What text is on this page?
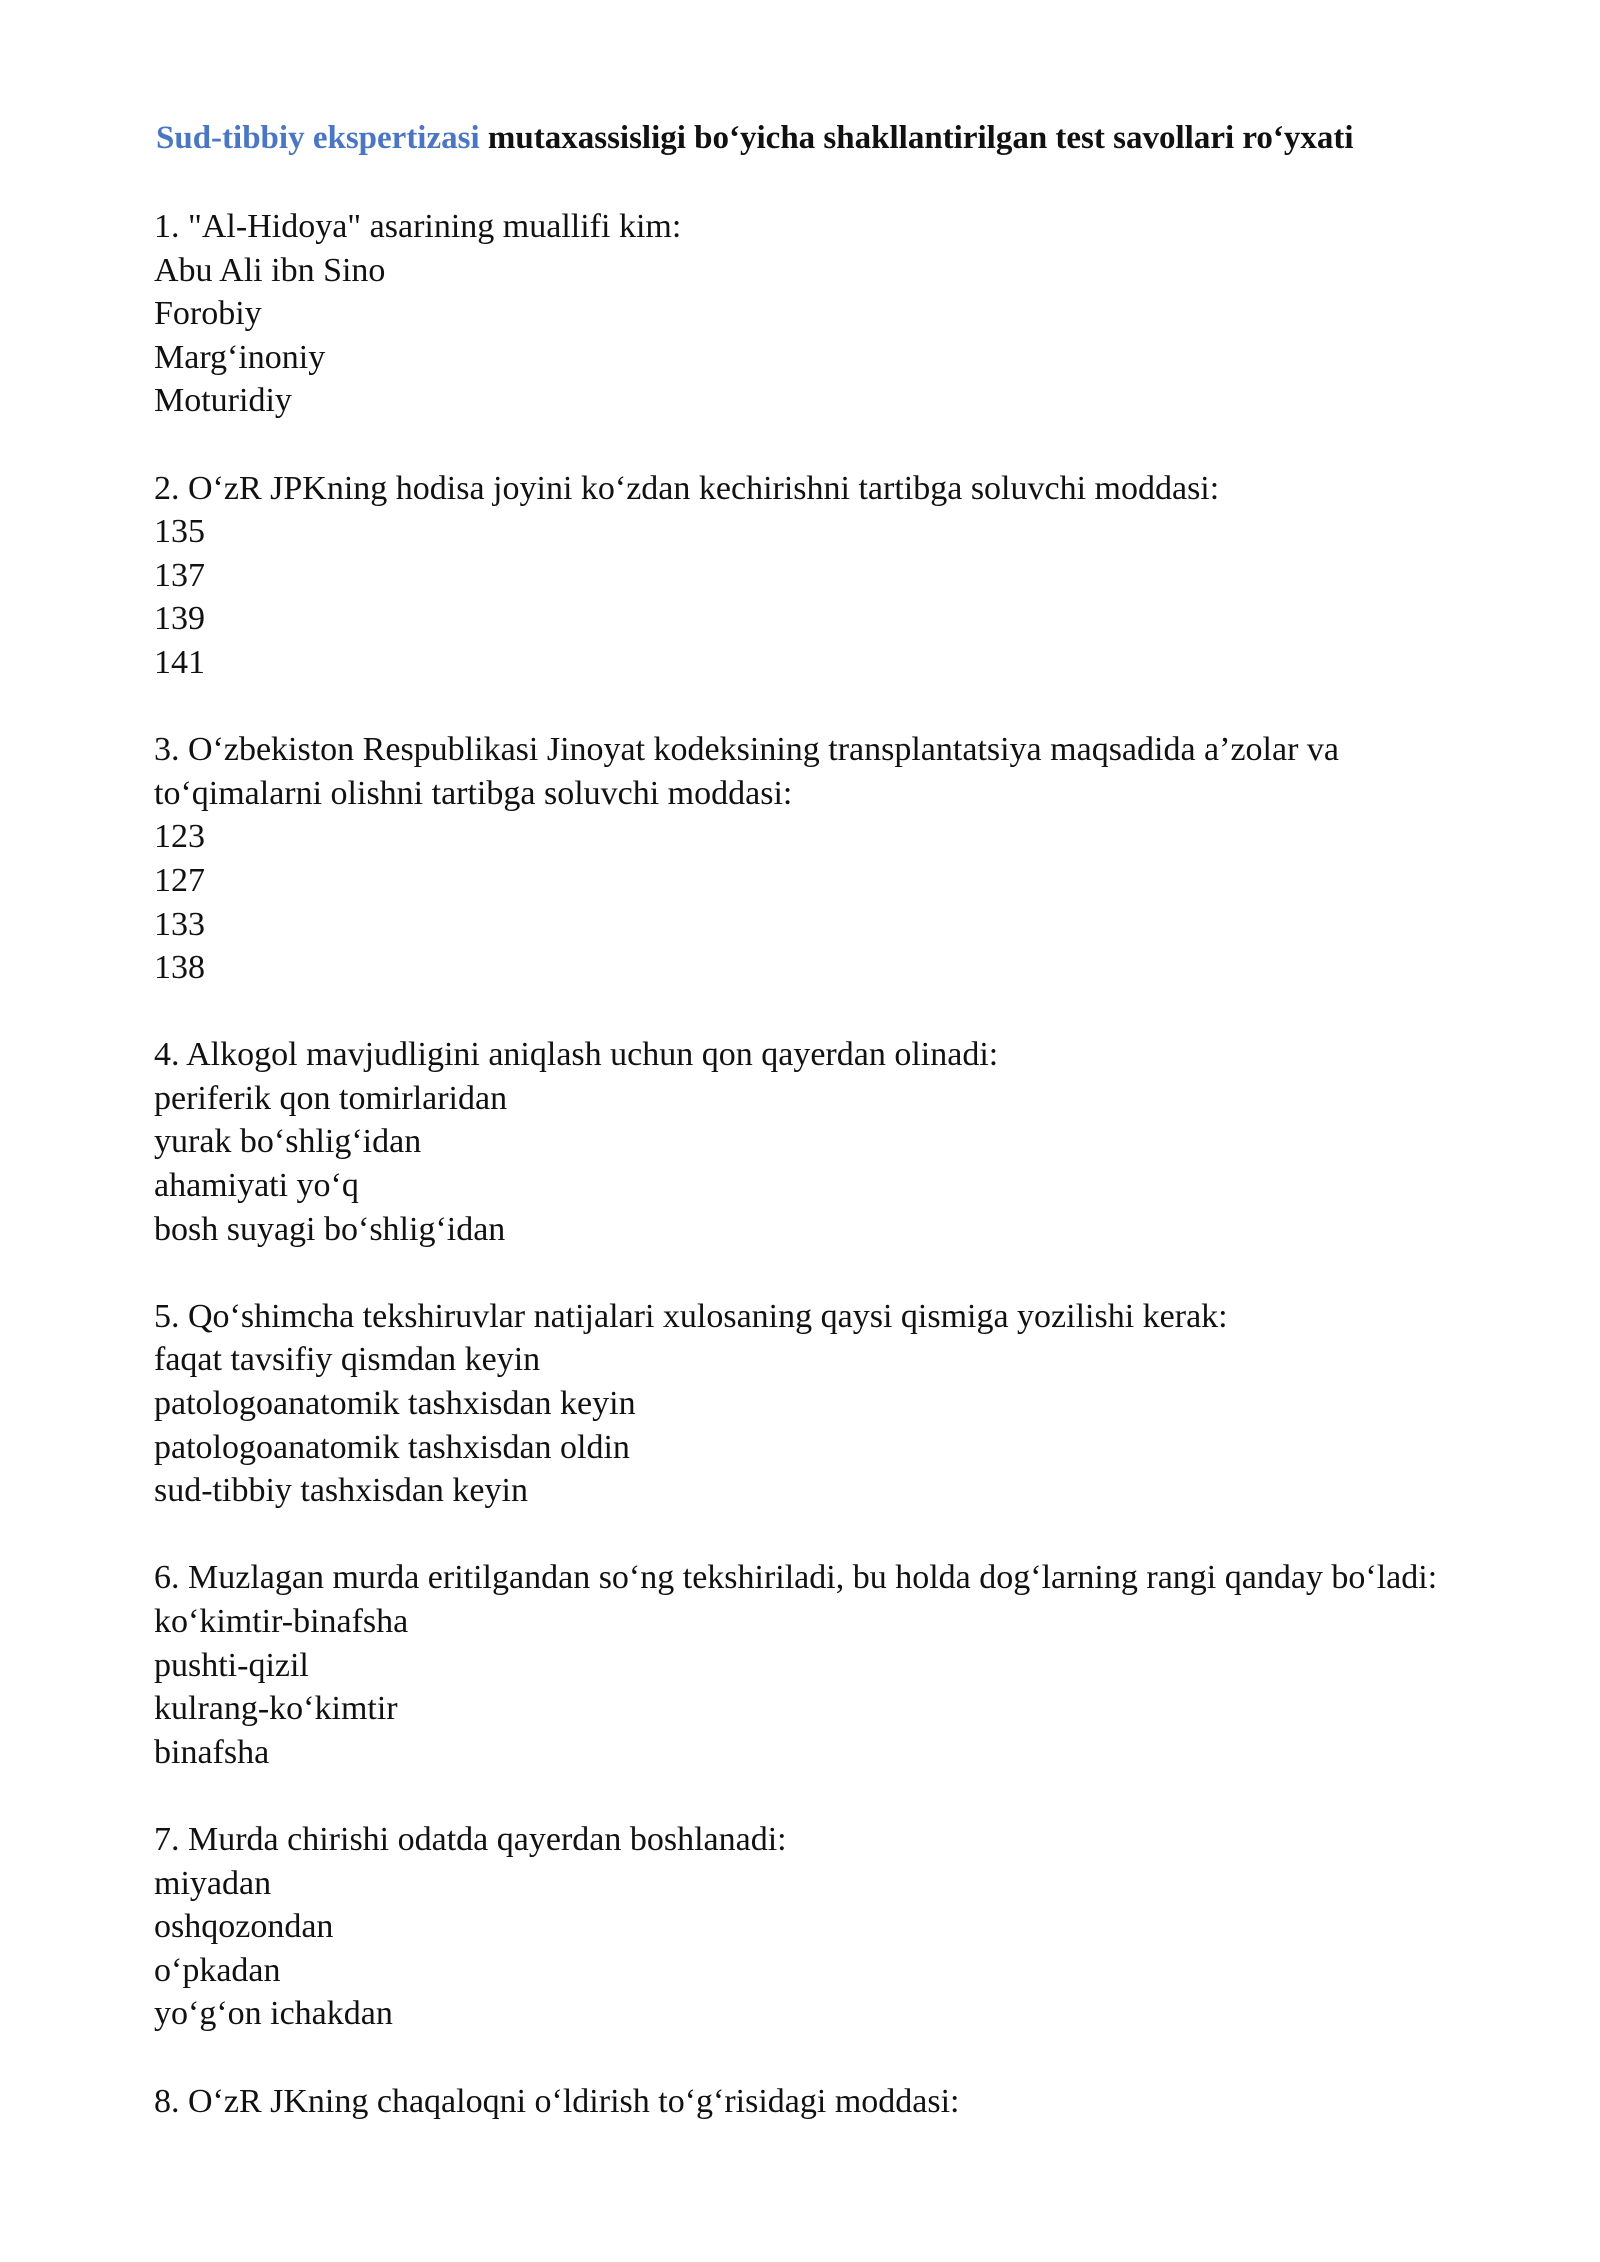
Sud-tibbiy ekspertizasi mutaxassisligi bo‘yicha shakllantirilgan test savollari ro‘yxati
1. "Al-Hidoya" asarining muallifi kim:
Abu Ali ibn Sino
Forobiy
Marg‘inoniy
Moturidiy
2. O‘zR JPKning hodisa joyini ko‘zdan kechirishni tartibga soluvchi moddasi:
135
137
139
141
3. O‘zbekiston Respublikasi Jinoyat kodeksining transplantatsiya maqsadida a’zolar va to‘qimalarni olishni tartibga soluvchi moddasi:
123
127
133
138
4. Alkogol mavjudligini aniqlash uchun qon qayerdan olinadi:
periferik qon tomirlaridan
yurak bo‘shlig‘idan
ahamiyati yo‘q
bosh suyagi bo‘shlig‘idan
5. Qo‘shimcha tekshiruvlar natijalari xulosaning qaysi qismiga yozilishi kerak:
faqat tavsifiy qismdan keyin
patologoanatomik tashxisdan keyin
patologoanatomik tashxisdan oldin
sud-tibbiy tashxisdan keyin
6. Muzlagan murda eritilgandan so‘ng tekshiriladi, bu holda dog‘larning rangi qanday bo‘ladi:
ko‘kimtir-binafsha
pushti-qizil
kulrang-ko‘kimtir
binafsha
7. Murda chirishi odatda qayerdan boshlanadi:
miyadan
oshqozondan
o‘pkadan
yo‘g‘on ichakdan
8. O‘zR JKning chaqaloqni o‘ldirish to‘g‘risidagi moddasi:
